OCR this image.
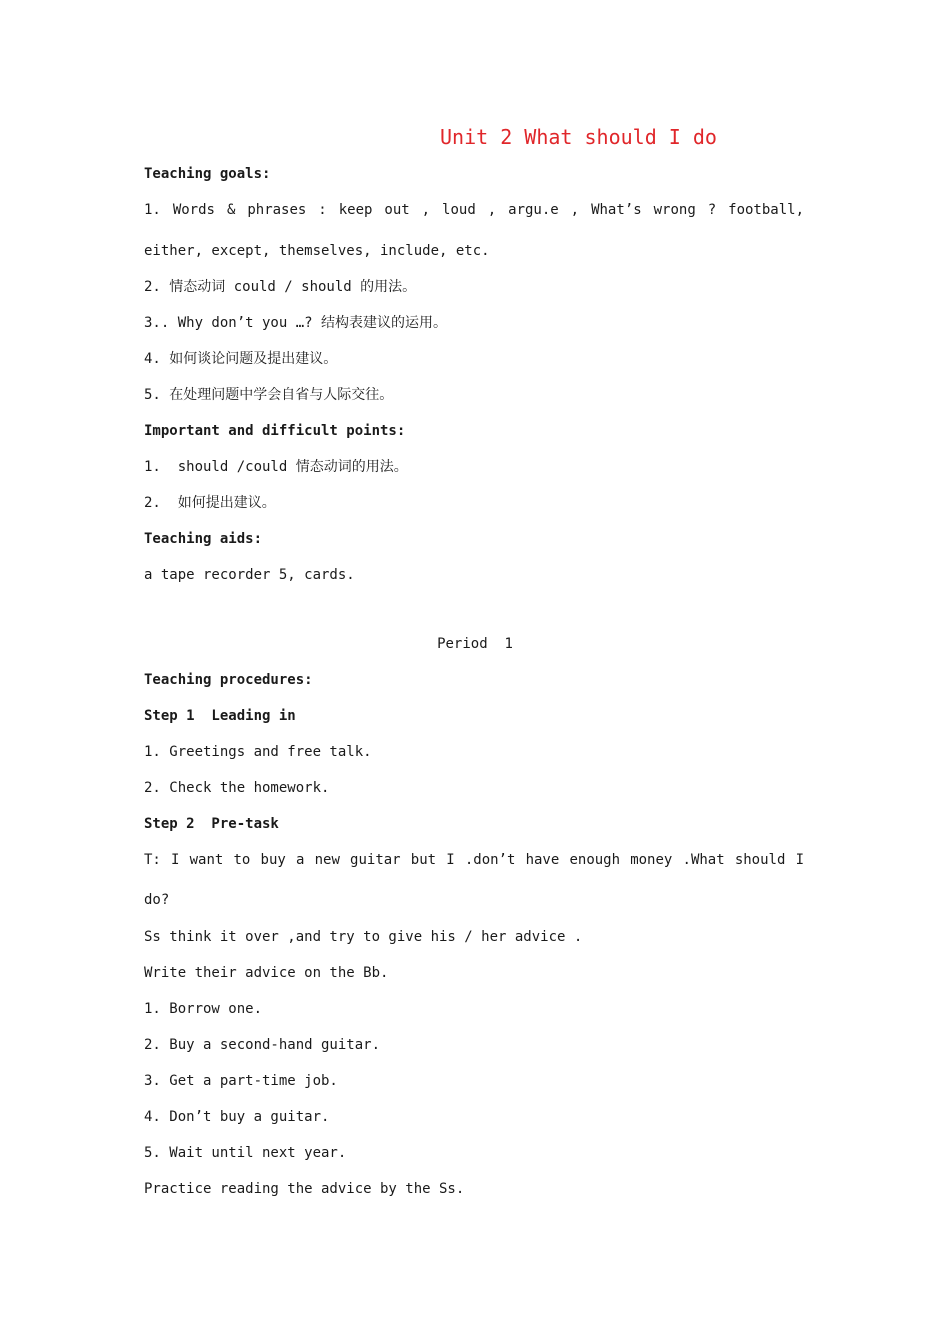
Unit 2 What should I do
Teaching goals:
1. Words & phrases : keep out , loud , argu.e , What’s wrong ? football,
either, except, themselves, include, etc.
2. 情态动词 could / should 的用法。
3.. Why don’t you …? 结构表建议的运用。
4. 如何谈论问题及提出建议。
5. 在处理问题中学会自省与人际交往。
Important and difficult points:
1.  should /could 情态动词的用法。
2.  如何提出建议。
Teaching aids:
a tape recorder 5, cards.
Period  1
Teaching procedures:
Step 1  Leading in
1. Greetings and free talk.
2. Check the homework.
Step 2  Pre-task
T: I want to buy a new guitar but I .don’t have enough money .What should I
do?
Ss think it over ,and try to give his / her advice .
Write their advice on the Bb.
1. Borrow one.
2. Buy a second-hand guitar.
3. Get a part-time job.
4. Don’t buy a guitar.
5. Wait until next year.
Practice reading the advice by the Ss.
